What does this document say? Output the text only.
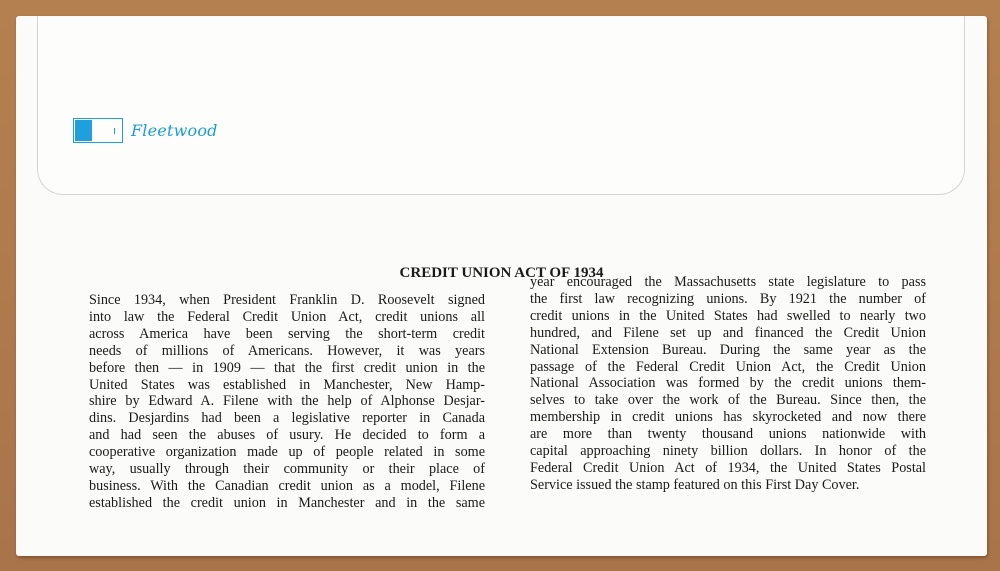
Fleetwood
CREDIT UNION ACT OF 1934
Since 1934, when President Franklin D. Roosevelt signed
into law the Federal Credit Union Act, credit unions all
across America have been serving the short-term credit
needs of millions of Americans. However, it was years
before then — in 1909 — that the first credit union in the
United States was established in Manchester, New Hamp-
shire by Edward A. Filene with the help of Alphonse Desjar-
dins. Desjardins had been a legislative reporter in Canada
and had seen the abuses of usury. He decided to form a
cooperative organization made up of people related in some
way, usually through their community or their place of
business. With the Canadian credit union as a model, Filene
established the credit union in Manchester and in the same
year encouraged the Massachusetts state legislature to pass
the first law recognizing unions. By 1921 the number of
credit unions in the United States had swelled to nearly two
hundred, and Filene set up and financed the Credit Union
National Extension Bureau. During the same year as the
passage of the Federal Credit Union Act, the Credit Union
National Association was formed by the credit unions them-
selves to take over the work of the Bureau. Since then, the
membership in credit unions has skyrocketed and now there
are more than twenty thousand unions nationwide with
capital approaching ninety billion dollars. In honor of the
Federal Credit Union Act of 1934, the United States Postal
Service issued the stamp featured on this First Day Cover.
